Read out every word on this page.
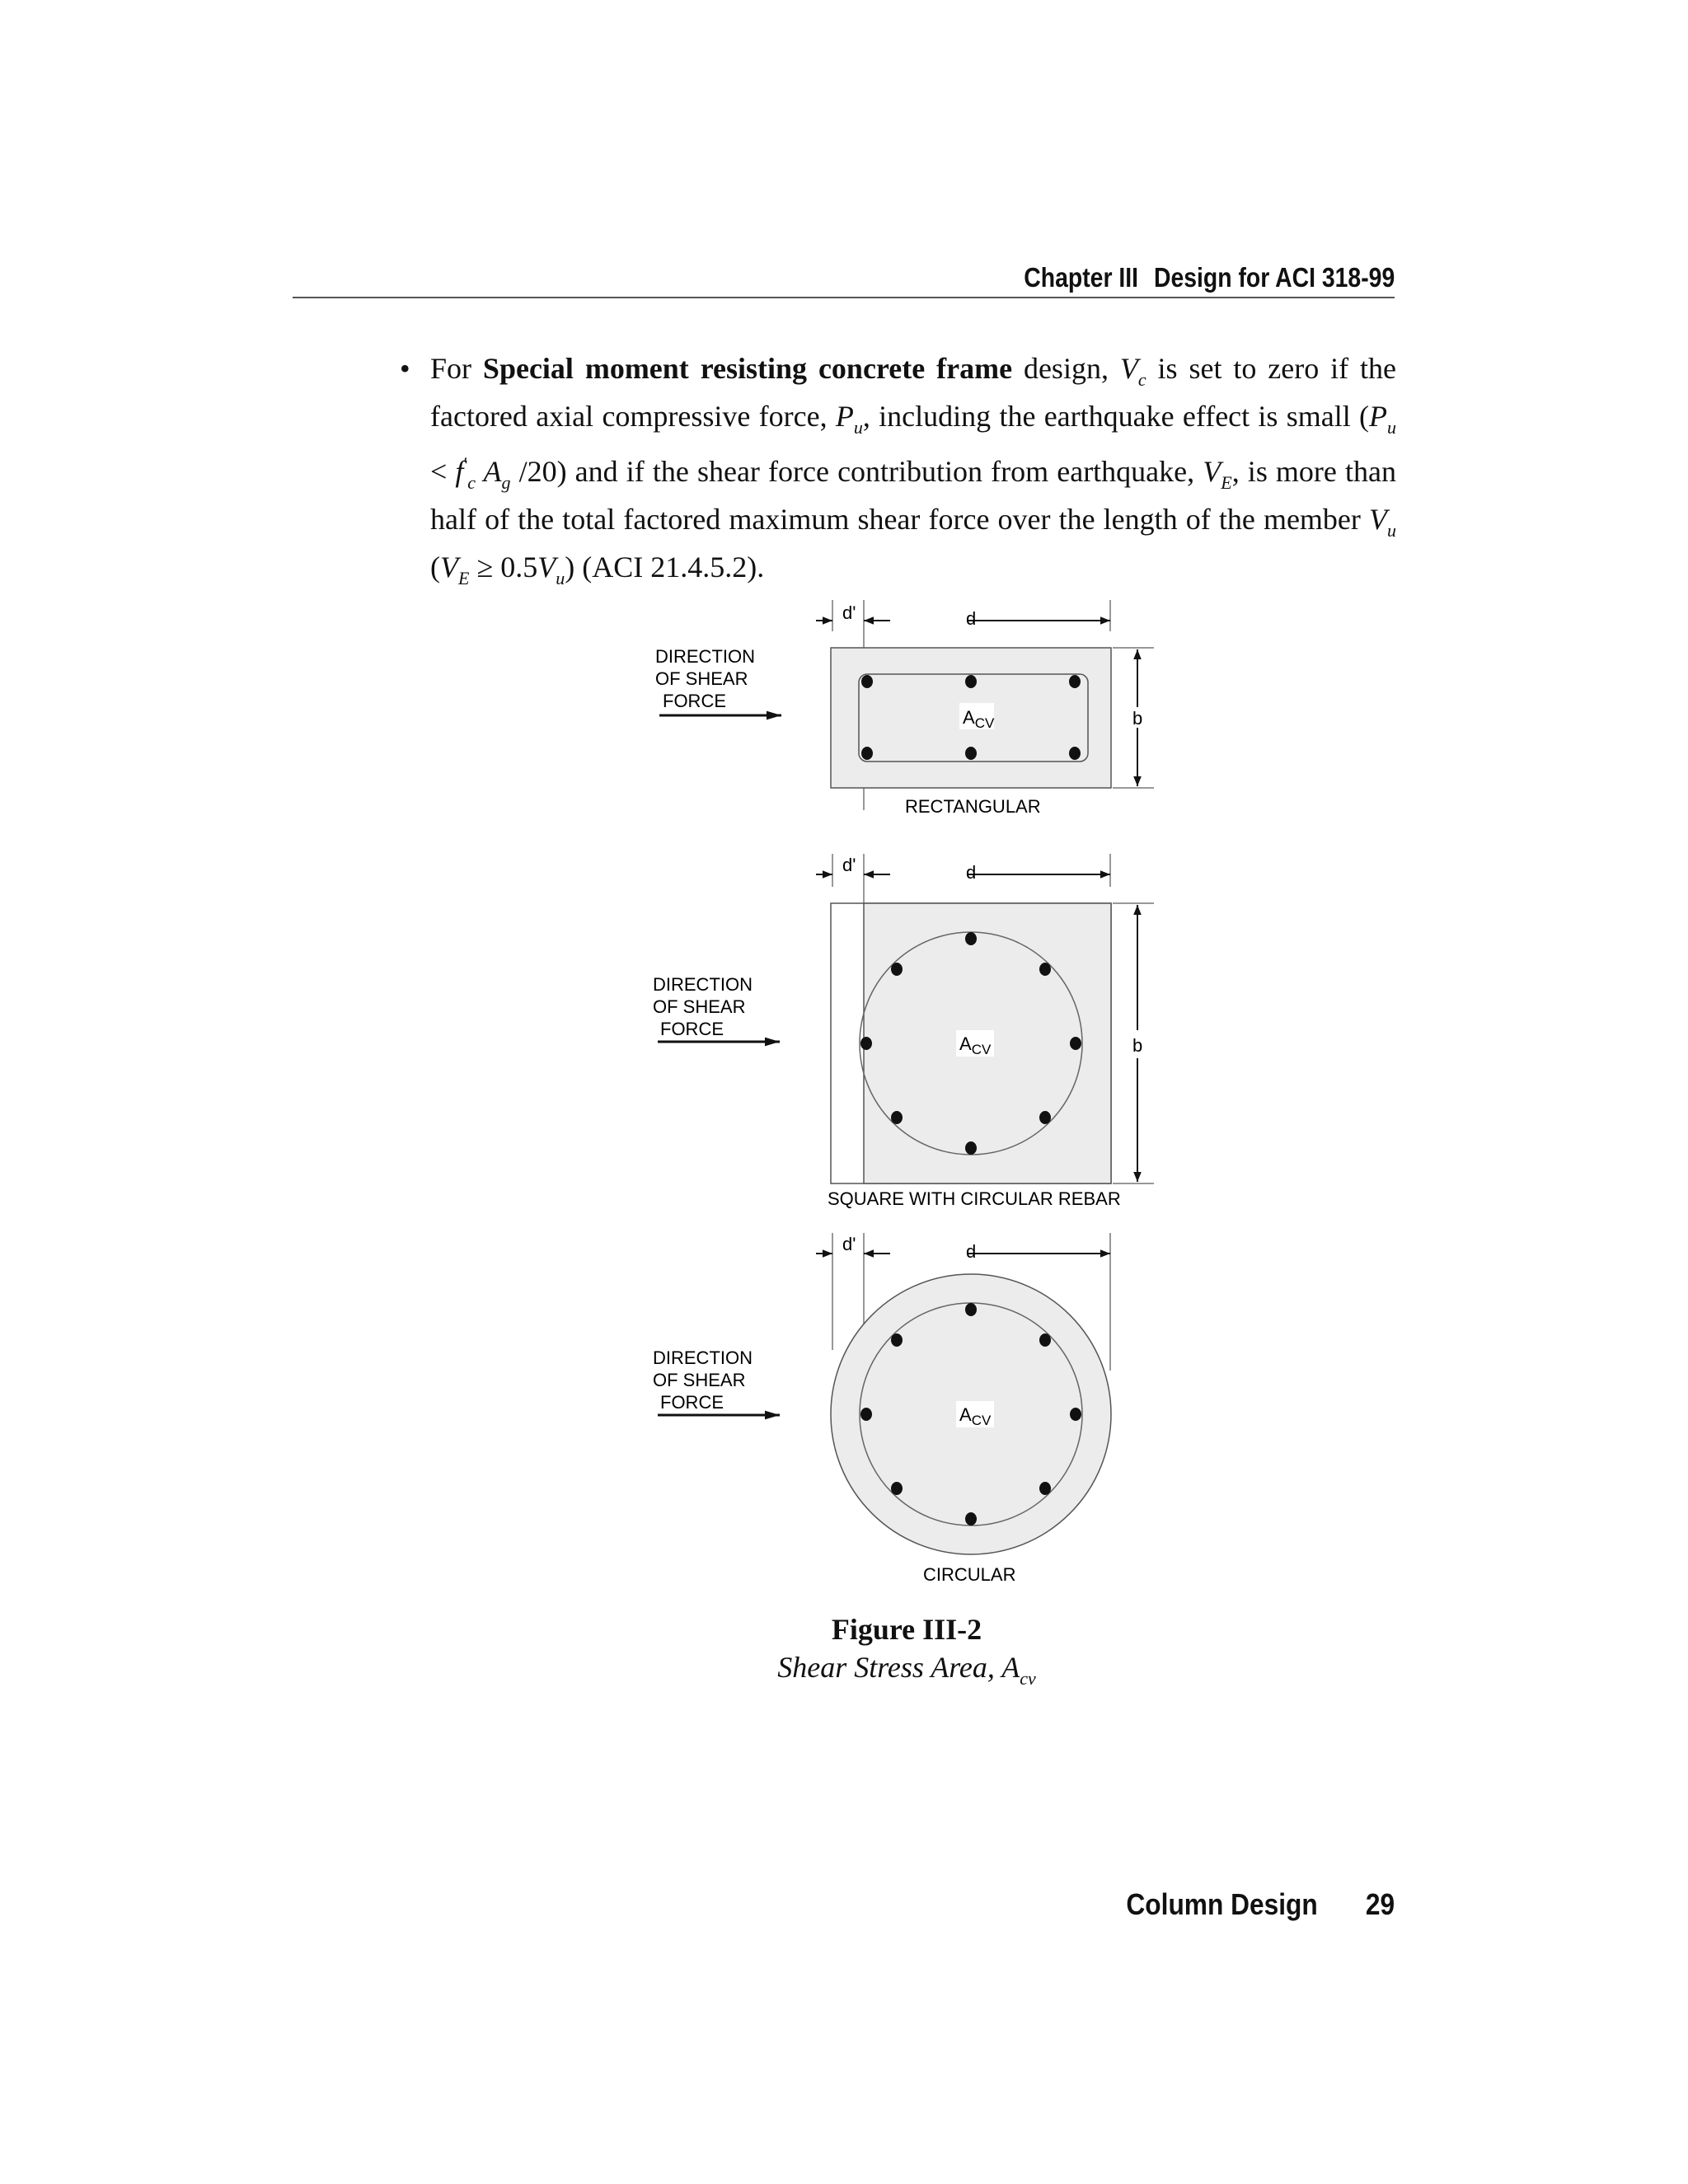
Chapter III Design for ACI 318-99
• For Special moment resisting concrete frame design, $V_c$ is set to zero if the factored axial compressive force, $P_u$, including the earthquake effect is small ($P_u < f'_c$ $A_g$ /20) and if the shear force contribution from earthquake, $V_E$, is more than half of the total factored maximum shear force over the length of the member $V_u$ $(V_E \ge 0.5V_u)$ (ACI 21.4.5.2).

d'	d
$A_{CV}$	b
DIRECTION OF SHEAR FORCE
RECTANGULAR
d'	d
$A_{CV}$	b
DIRECTION OF SHEAR FORCE
SQUARE WITH CIRCULAR REBAR
d'	d
$A_{CV}$
DIRECTION OF SHEAR FORCE
CIRCULAR
Figure III-2
Shear Stress Area, $A_{cv}$
Column Design 29
